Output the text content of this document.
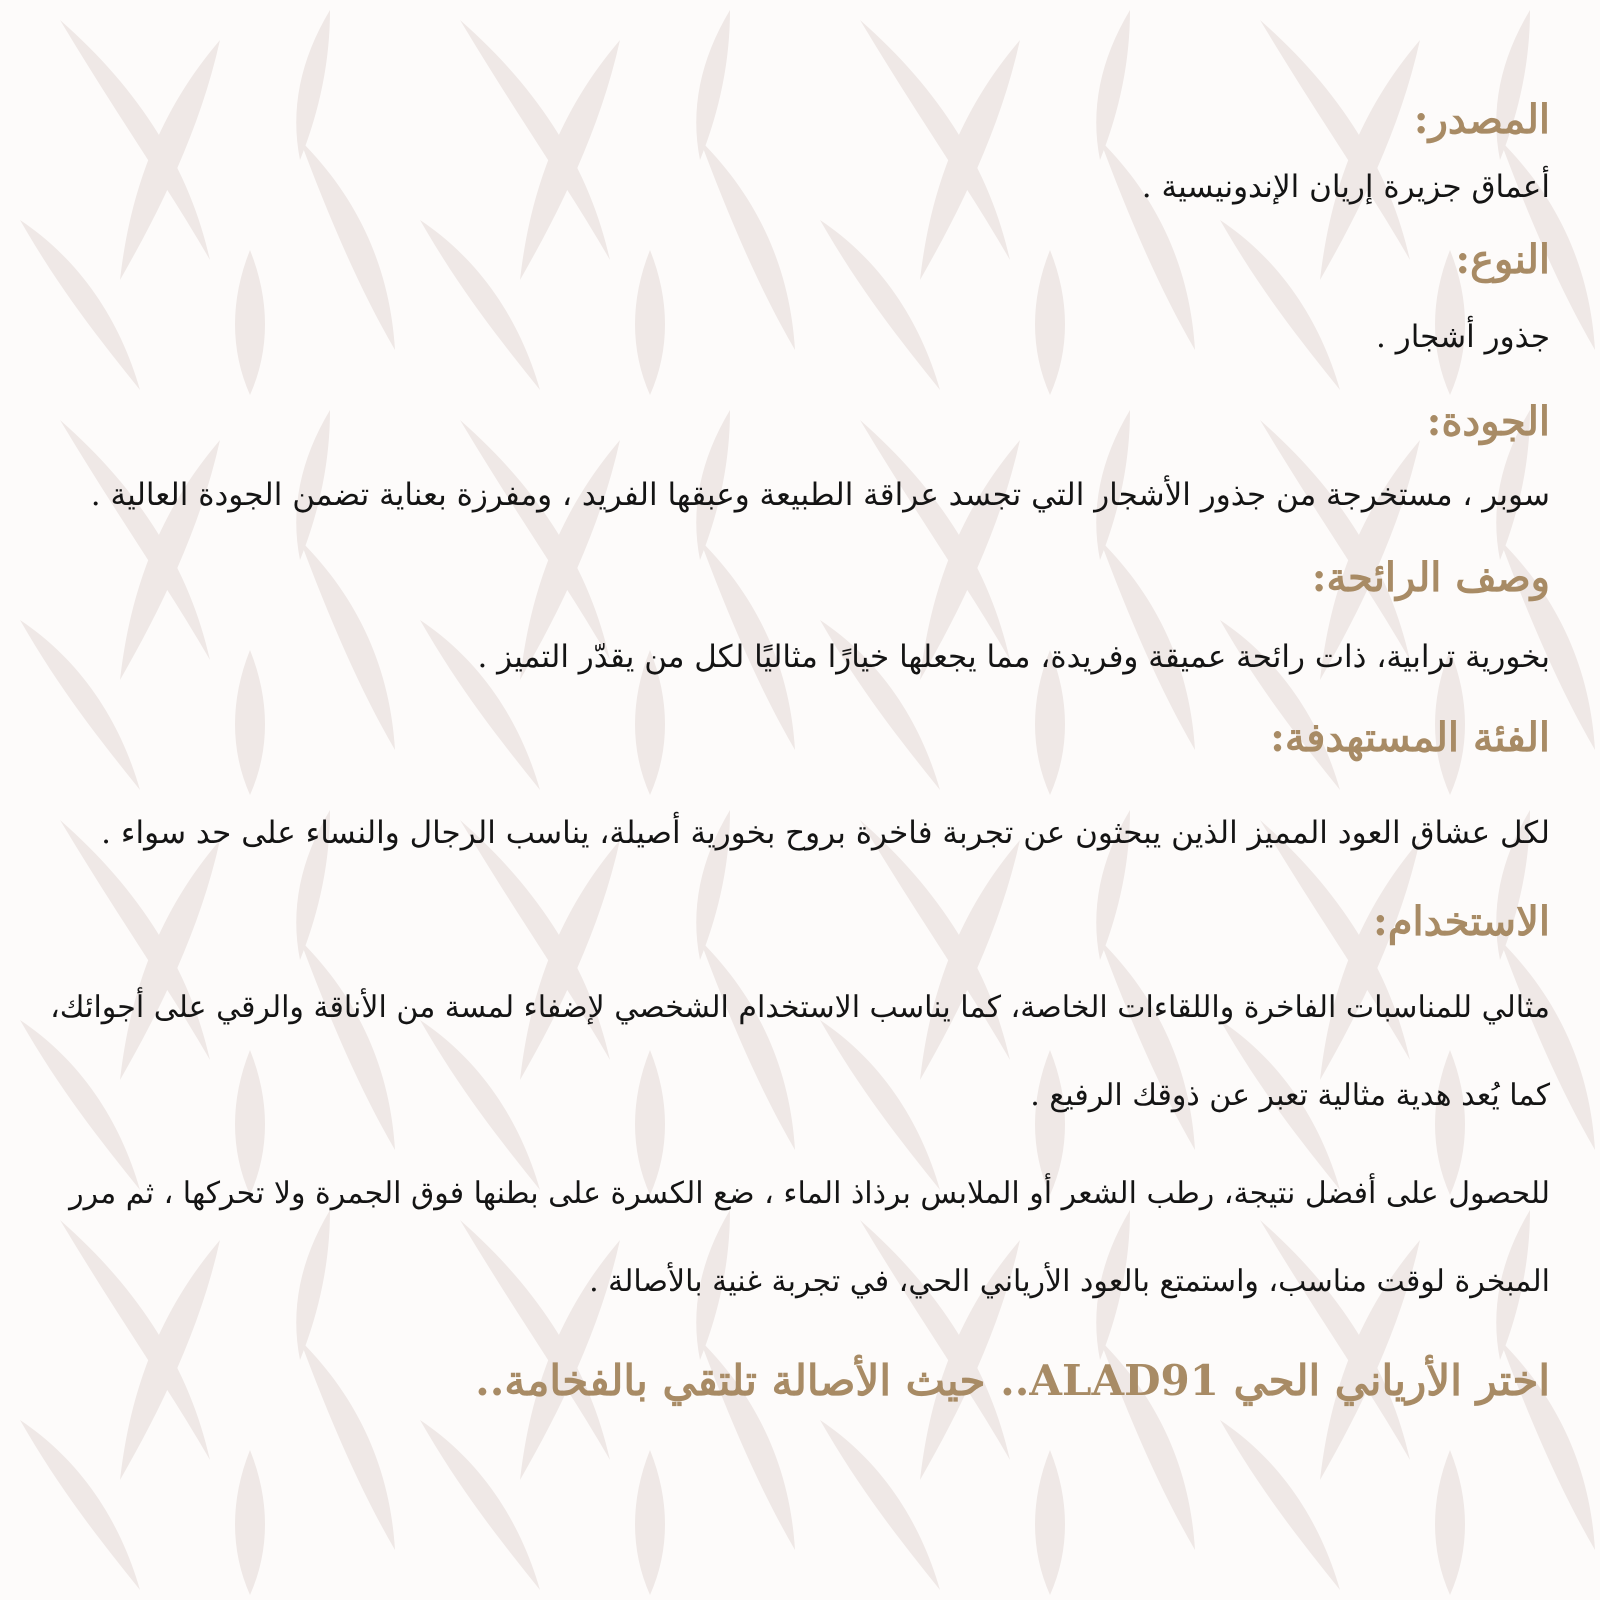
المصدر:

أعماق جزيرة إريان الإندونيسية .

النوع:

جذور أشجار .

الجودة:

سوبر ، مستخرجة من جذور الأشجار التي تجسد عراقة الطبيعة وعبقها الفريد ، ومفرزة بعناية تضمن الجودة العالية .

وصف الرائحة:

بخورية ترابية، ذات رائحة عميقة وفريدة، مما يجعلها خيارًا مثاليًا لكل من يقدّر التميز .

الفئة المستهدفة:

لكل عشاق العود المميز الذين يبحثون عن تجربة فاخرة بروح بخورية أصيلة، يناسب الرجال والنساء على حد سواء .

الاستخدام:

مثالي للمناسبات الفاخرة واللقاءات الخاصة، كما يناسب الاستخدام الشخصي لإضفاء لمسة من الأناقة والرقي على أجوائك، كما يُعد هدية مثالية تعبر عن ذوقك الرفيع .

للحصول على أفضل نتيجة، رطب الشعر أو الملابس برذاذ الماء ، ضع الكسرة على بطنها فوق الجمرة ولا تحركها ، ثم مرر المبخرة لوقت مناسب، واستمتع بالعود الأرياني الحي، في تجربة غنية بالأصالة .

اختر الأرياني الحي ALAD91.. حيث الأصالة تلتقي بالفخامة..
